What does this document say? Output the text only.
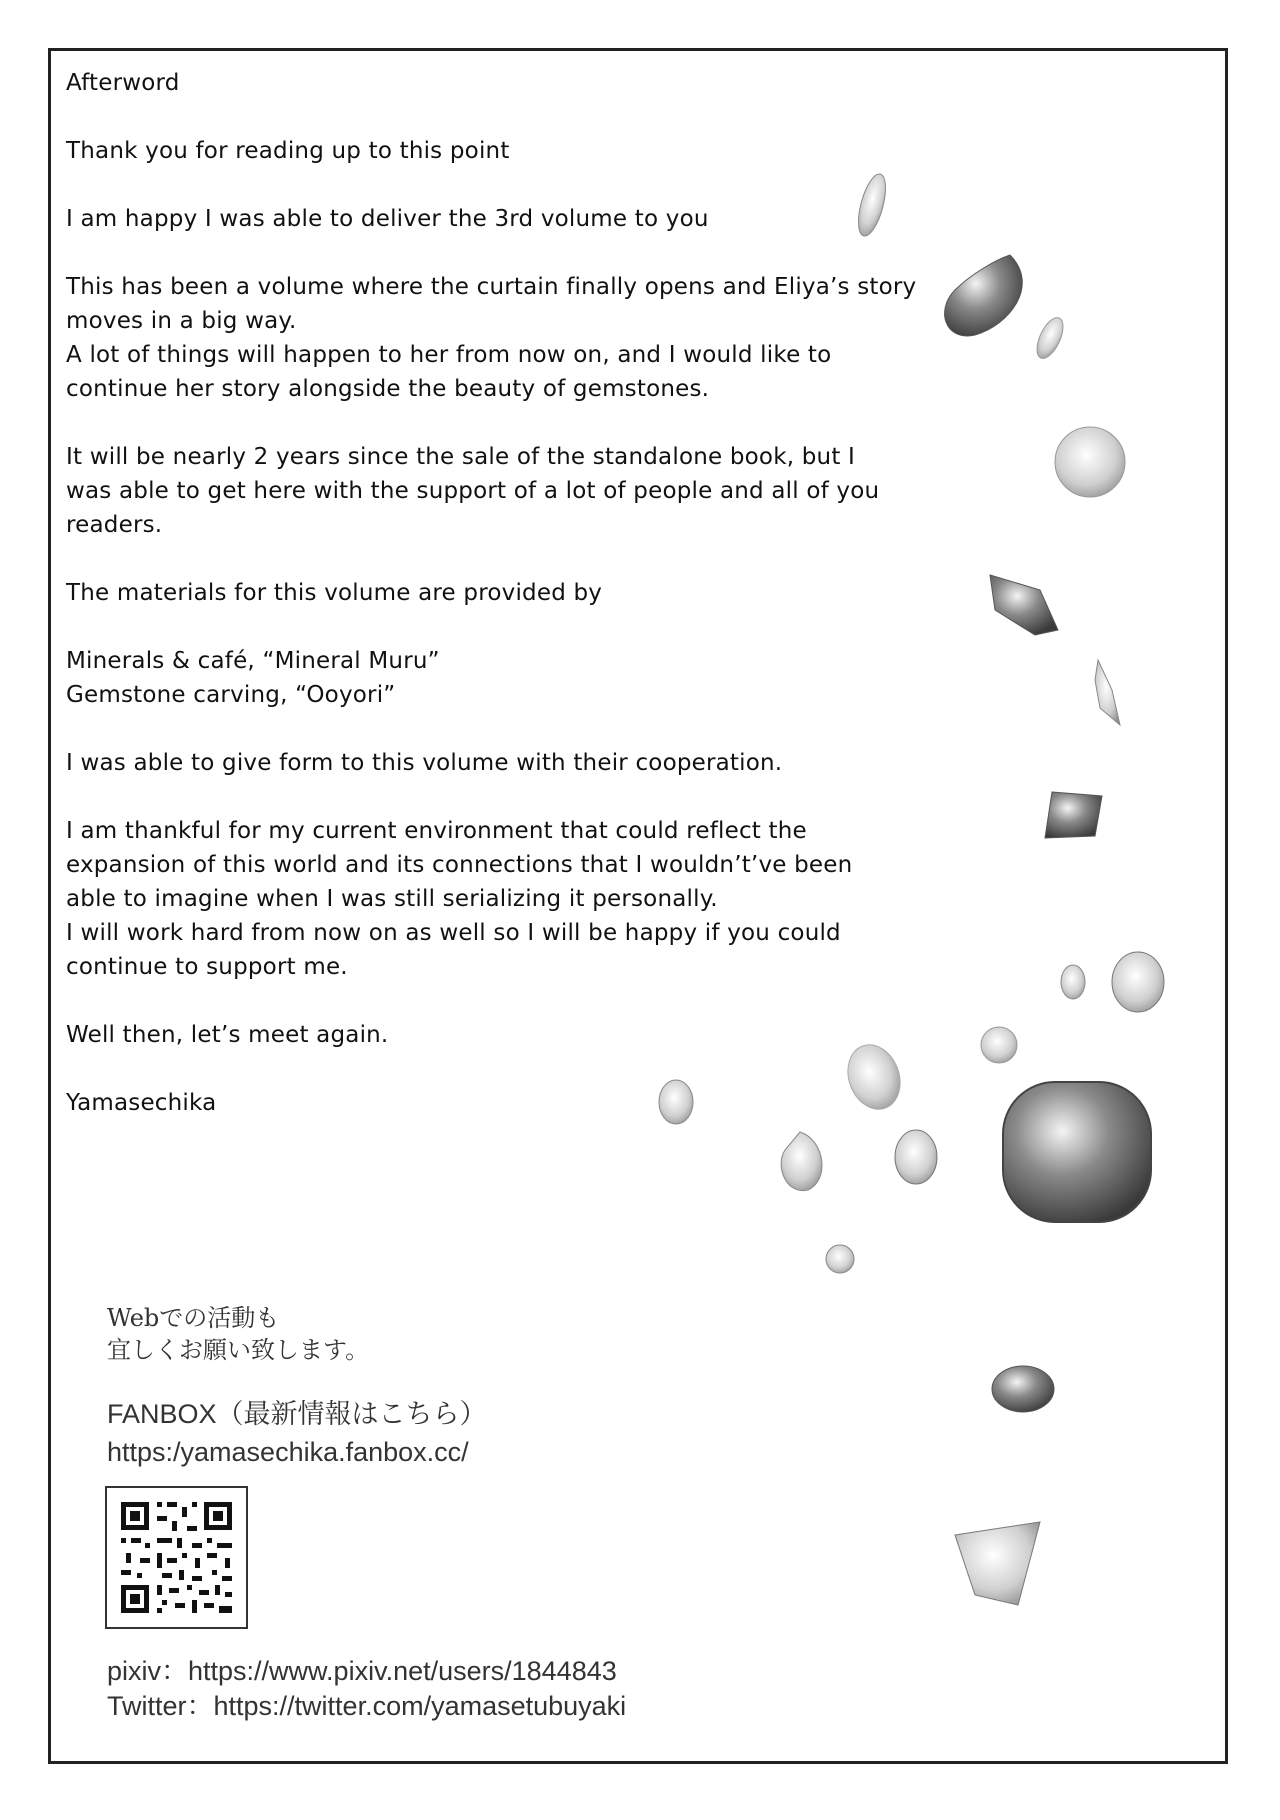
Afterword
Thank you for reading up to this point
I am happy I was able to deliver the 3rd volume to you
This has been a volume where the curtain finally opens and Eliya’s story
moves in a big way.
A lot of things will happen to her from now on, and I would like to
continue her story alongside the beauty of gemstones.
It will be nearly 2 years since the sale of the standalone book, but I
was able to get here with the support of a lot of people and all of you
readers.
The materials for this volume are provided by
Minerals & café, “Mineral Muru”
Gemstone carving, “Ooyori”
I was able to give form to this volume with their cooperation.
I am thankful for my current environment that could reflect the
expansion of this world and its connections that I wouldn’t’ve been
able to imagine when I was still serializing it personally.
I will work hard from now on as well so I will be happy if you could
continue to support me.
Well then, let’s meet again.
Yamasechika
Webでの活動も
宜しくお願い致します。
FANBOX（最新情報はこちら）
https:/yamasechika.fanbox.cc/
pixiv：https://www.pixiv.net/users/1844843
Twitter：https://twitter.com/yamasetubuyaki
